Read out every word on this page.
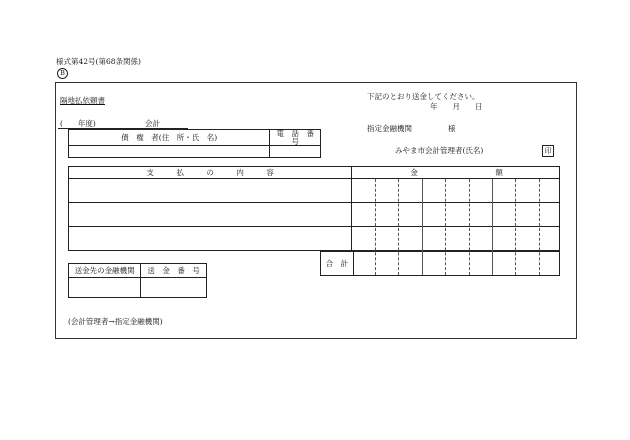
様式第42号(第68条関係)
B
隔地払依頼書	下記のとおり送金してください。
年　　月　　日
(　　年度)	会計
債　権　者(住　所・氏　名)	電　話　番　号

指定金融機関	様
みやま市会計管理者(氏名)	印
支　　　払　　　の　　　内　　　容	金 額

合　計	
送金先の金融機関	送　金　番　号

(会計管理者→指定金融機関)
